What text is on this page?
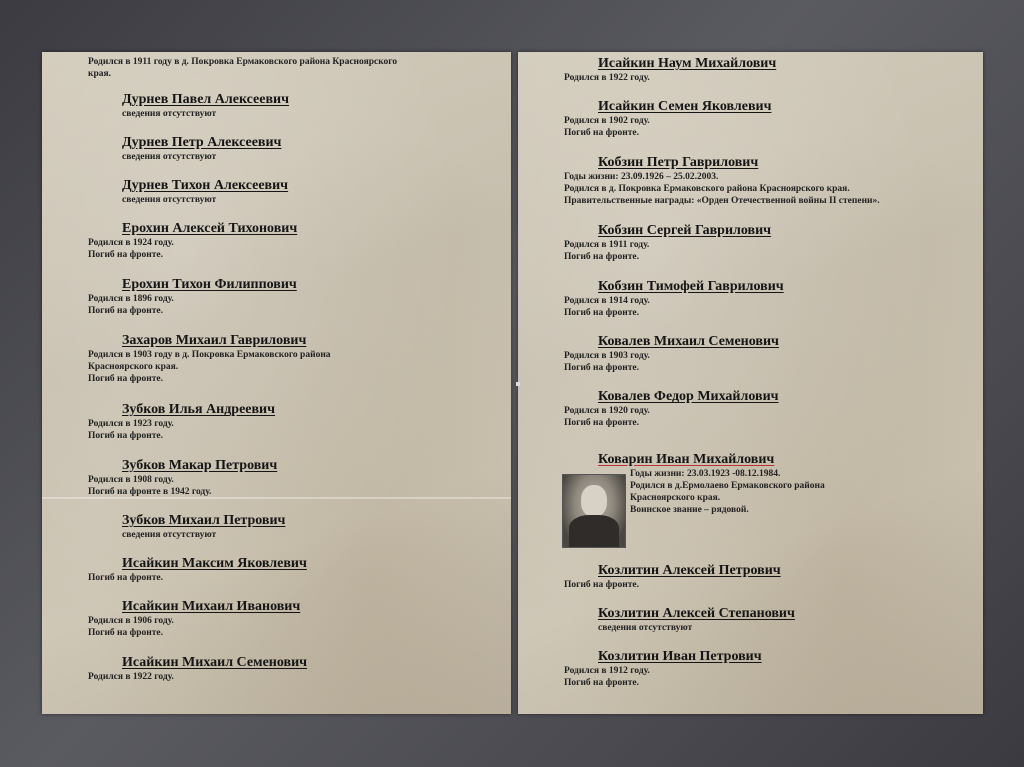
Родился в 1911 году в д. Покровка Ермаковского района Красноярского
края.
Дурнев Павел Алексеевич
сведения отсутствуют
Дурнев Петр Алексеевич
сведения отсутствуют
Дурнев Тихон Алексеевич
сведения отсутствуют
Ерохин Алексей Тихонович
Родился в 1924 году.
Погиб на фронте.
Ерохин Тихон Филиппович
Родился в 1896 году.
Погиб на фронте.
Захаров Михаил Гаврилович
Родился в 1903 году в д. Покровка Ермаковского района
Красноярского края.
Погиб на фронте.
Зубков Илья Андреевич
Родился в 1923 году.
Погиб на фронте.
Зубков Макар Петрович
Родился в 1908 году.
Погиб на фронте в 1942 году.
Зубков Михаил Петрович
сведения отсутствуют
Исайкин Максим Яковлевич
Погиб на фронте.
Исайкин Михаил Иванович
Родился в 1906 году.
Погиб на фронте.
Исайкин Михаил Семенович
Родился в 1922 году.
Исайкин Наум Михайлович
Родился в 1922 году.
Исайкин Семен Яковлевич
Родился в 1902 году.
Погиб на фронте.
Кобзин Петр Гаврилович
Годы жизни: 23.09.1926 – 25.02.2003.
Родился в д. Покровка Ермаковского района Красноярского края.
Правительственные награды: «Орден Отечественной войны II степени».
Кобзин Сергей Гаврилович
Родился в 1911 году.
Погиб на фронте.
Кобзин Тимофей Гаврилович
Родился в 1914 году.
Погиб на фронте.
Ковалев Михаил Семенович
Родился в 1903 году.
Погиб на фронте.
Ковалев Федор Михайлович
Родился в 1920 году.
Погиб на фронте.
Коварин Иван Михайлович
Годы жизни: 23.03.1923 -08.12.1984.
Родился в д.Ермолаево Ермаковского района
Красноярского края.
Воинское звание – рядовой.
Козлитин Алексей Петрович
Погиб на фронте.
Козлитин Алексей Степанович
сведения отсутствуют
Козлитин Иван Петрович
Родился в 1912 году.
Погиб на фронте.
